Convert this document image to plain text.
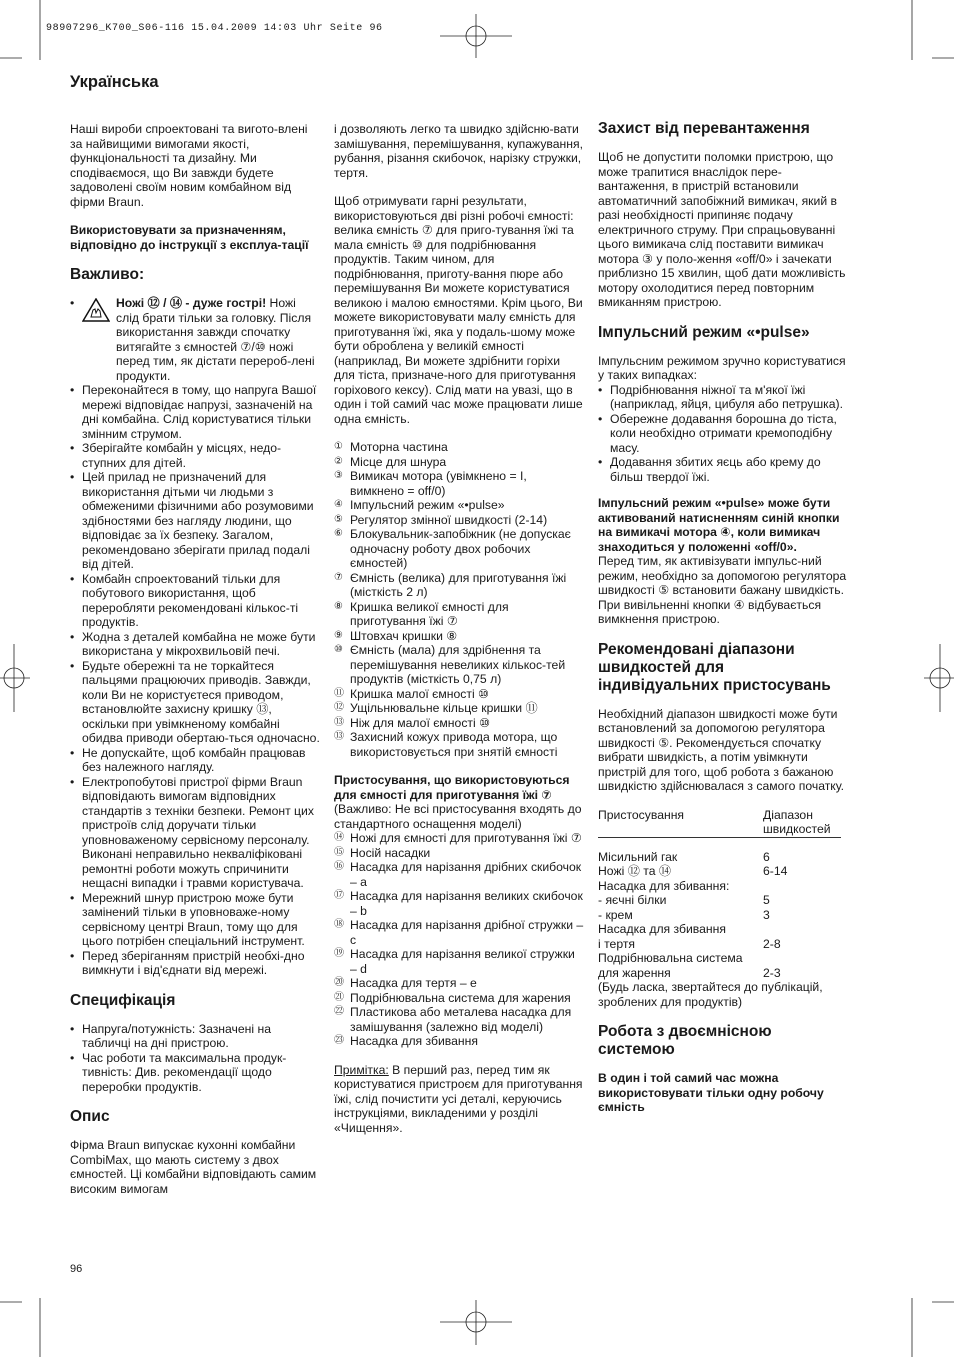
98907296_K700_S06-116 15.04.2009 14:03 Uhr Seite 96
Українська

Наші вироби спроектовані та вигото-влені за найвищими вимогами якості, функціональності та дизайну. Ми сподіваємося, що Ви завжди будете задоволені своїм новим комбайном від фірми Braun.

Використовувати за призначенням, відповідно до інструкції з експлуа-тації

Важливо:
• Ножі ⑫ / ⑭ - дуже гострі! Ножі слід брати тільки за головку. Після використання завжди спочатку витягайте з ємностей ⑦/⑩ ножі перед тим, як дістати перероб-лені продукти.
• Переконайтеся в тому, що напруга Вашої мережі відповідає напрузі, зазначеній на дні комбайна. Слід користуватися тільки змінним струмом.
• Зберігайте комбайн у місцях, недо-ступних для дітей.
• Цей прилад не призначений для використання дітьми чи людьми з обмеженими фізичними або розумовими здібностями без нагляду людини, що відповідає за їх безпеку. Загалом, рекомендовано зберігати прилад подалі від дітей.
• Комбайн спроектований тільки для побутового використання, щоб переробляти рекомендовані кількос-ті продуктів.
• Жодна з деталей комбайна не може бути використана у мікрохвильовій печі.
• Будьте обережні та не торкайтеся пальцями працюючих приводів. Завжди, коли Ви не користуєтеся приводом, встановлюйте захисну кришку ⑬, оскільки при увімкненому комбайні обидва приводи обертаю-ться одночасно.
• Не допускайте, щоб комбайн працював без належного нагляду.
• Електропобутові пристрої фірми Braun відповідають вимогам відповідних стандартів з техніки безпеки. Ремонт цих пристроїв слід доручати тільки уповноваженому сервісному персоналу. Виконані неправильно некваліфіковані ремонтні роботи можуть спричинити нещасні випадки і травми користувача.
• Мережний шнур пристрою може бути замінений тільки в уповноваже-ному сервісному центрі Braun, тому що для цього потрібен спеціальний інструмент.
• Перед зберіганням пристрій необхі-дно вимкнути і від'єднати від мережі.
Специфікація
• Напруга/потужність: Зазначені на табличці на дні пристрою.
• Час роботи та максимальна продук-тивність: Див. рекомендації щодо переробки продуктів.
Опис

Фірма Braun випускає кухонні комбайни CombiMax, що мають систему з двох ємностей. Ці комбайни відповідають самим високим вимогам

і дозволяють легко та швидко здійсню-вати замішування, перемішування, купажування, рубання, різання скибочок, нарізку стружки, тертя.

Щоб отримувати гарні результати, використовуються дві різні робочі ємності: велика ємність ⑦ для приго-тування їжі та мала ємність ⑩ для подрібнювання продуктів. Таким чином, для подрібнювання, приготу-вання пюре або перемішування Ви можете користуватися великою і малою ємностями. Крім цього, Ви можете використовувати малу ємність для приготування їжі, яка у подаль-шому може бути оброблена у великій ємності (наприклад, Ви можете здрібнити горіхи для тіста, призначе-ного для приготування горіхового кексу). Слід мати на увазі, що в один і той самий час може працювати лише одна ємність.

① Моторна частина
② Місце для шнура
③ Вимикач мотора (увімкнено = I, вимкнено = off/0)
④ Імпульсний режим «•pulse»
⑤ Регулятор змінної швидкості (2-14)
⑥ Блокувальник-запобіжник (не допускає одночасну роботу двох робочих ємностей)
⑦ Ємність (велика) для приготування їжі (місткість 2 л)
⑧ Кришка великої ємності для приготування їжі ⑦
⑨ Штовхач кришки ⑧
⑩ Ємність (мала) для здрібнення та перемішування невеликих кількос-тей продуктів (місткість 0,75 л)
⑪ Кришка малої ємності ⑩
⑫ Ущільнювальне кільце кришки ⑪
⑬ Ніж для малої ємності ⑩
⑬ Захисний кожух привода мотора, що використовується при знятій ємності

Пристосування, що використовуються для ємності для приготування їжі ⑦

(Важливо: Не всі пристосування входять до стандартного оснащення моделі)

⑭ Ножі для ємності для приготування їжі ⑦
⑮ Носій насадки
⑯ Насадка для нарізання дрібних скибочок – a
⑰ Насадка для нарізання великих скибочок – b
⑱ Насадка для нарізання дрібної стружки – c
⑲ Насадка для нарізання великої стружки – d
⑳ Насадка для тертя – e
㉑ Подрібнювальна система для жарения
㉒ Пластикова або металева насадка для замішування (залежно від моделі)
㉓ Насадка для збивання

Примітка: В перший раз, перед тим як користуватися пристроєм для приготування їжі, слід почистити усі деталі, керуючись інструкціями, викладеними у розділі «Чищення».

Захист від перевантаження

Щоб не допустити поломки пристрою, що може трапитися внаслідок пере-вантаження, в пристрій встановили автоматичний запобіжний вимикач, який в разі необхідності припиняє подачу електричного струму. При спрацьовуванні цього вимикача слід поставити вимикач мотора ③ у поло-ження «off/0» і зачекати приблизно 15 хвилин, щоб дати можливість мотору охолодитися перед повторним вмиканням пристрою.

Імпульсний режим «•pulse»

Імпульсним режимом зручно користуватися у таких випадках:

• Подрібнювання ніжної та м'якої їжі (наприклад, яйця, цибуля або петрушка).
• Обережне додавання борошна до тіста, коли необхідно отримати кремоподібну масу.
• Додавання збитих яєць або крему до більш твердої їжі.

Імпульсний режим «•pulse» може бути активований натисненням синій кнопки на вимикачі мотора ④, коли вимикач знаходиться у положенні «off/0».

Перед тим, як активізувати імпульс-ний режим, необхідно за допомогою регулятора швидкості ⑤ встановити бажану швидкість. При вивільненні кнопки ④ відбувається вимкнення пристрою.

Рекомендовані діапазони швидкостей для індивідуальних пристосувань

Необхідний діапазон швидкості може бути встановлений за допомогою регулятора швидкості ⑤. Рекомендується спочатку вибрати швидкість, а потім увімкнути пристрій для того, щоб робота з бажаною швидкістю здійснювалася з самого початку.

Пристосування	Діапазон швидкостей

Місильний гак	6
Ножі ⑫ та ⑭	6-14
Насадка для збивання:	
- яєчні білки	5
- крем	3
Насадка для збивання	
і тертя	2-8
Подрібнювальна система	
для жарення	2-3
(Будь ласка, звертайтеся до публікацій, зроблених для продуктів)	
Робота з двоємнісною системою

В один і той самий час можна використовувати тільки одну робочу ємність

96
